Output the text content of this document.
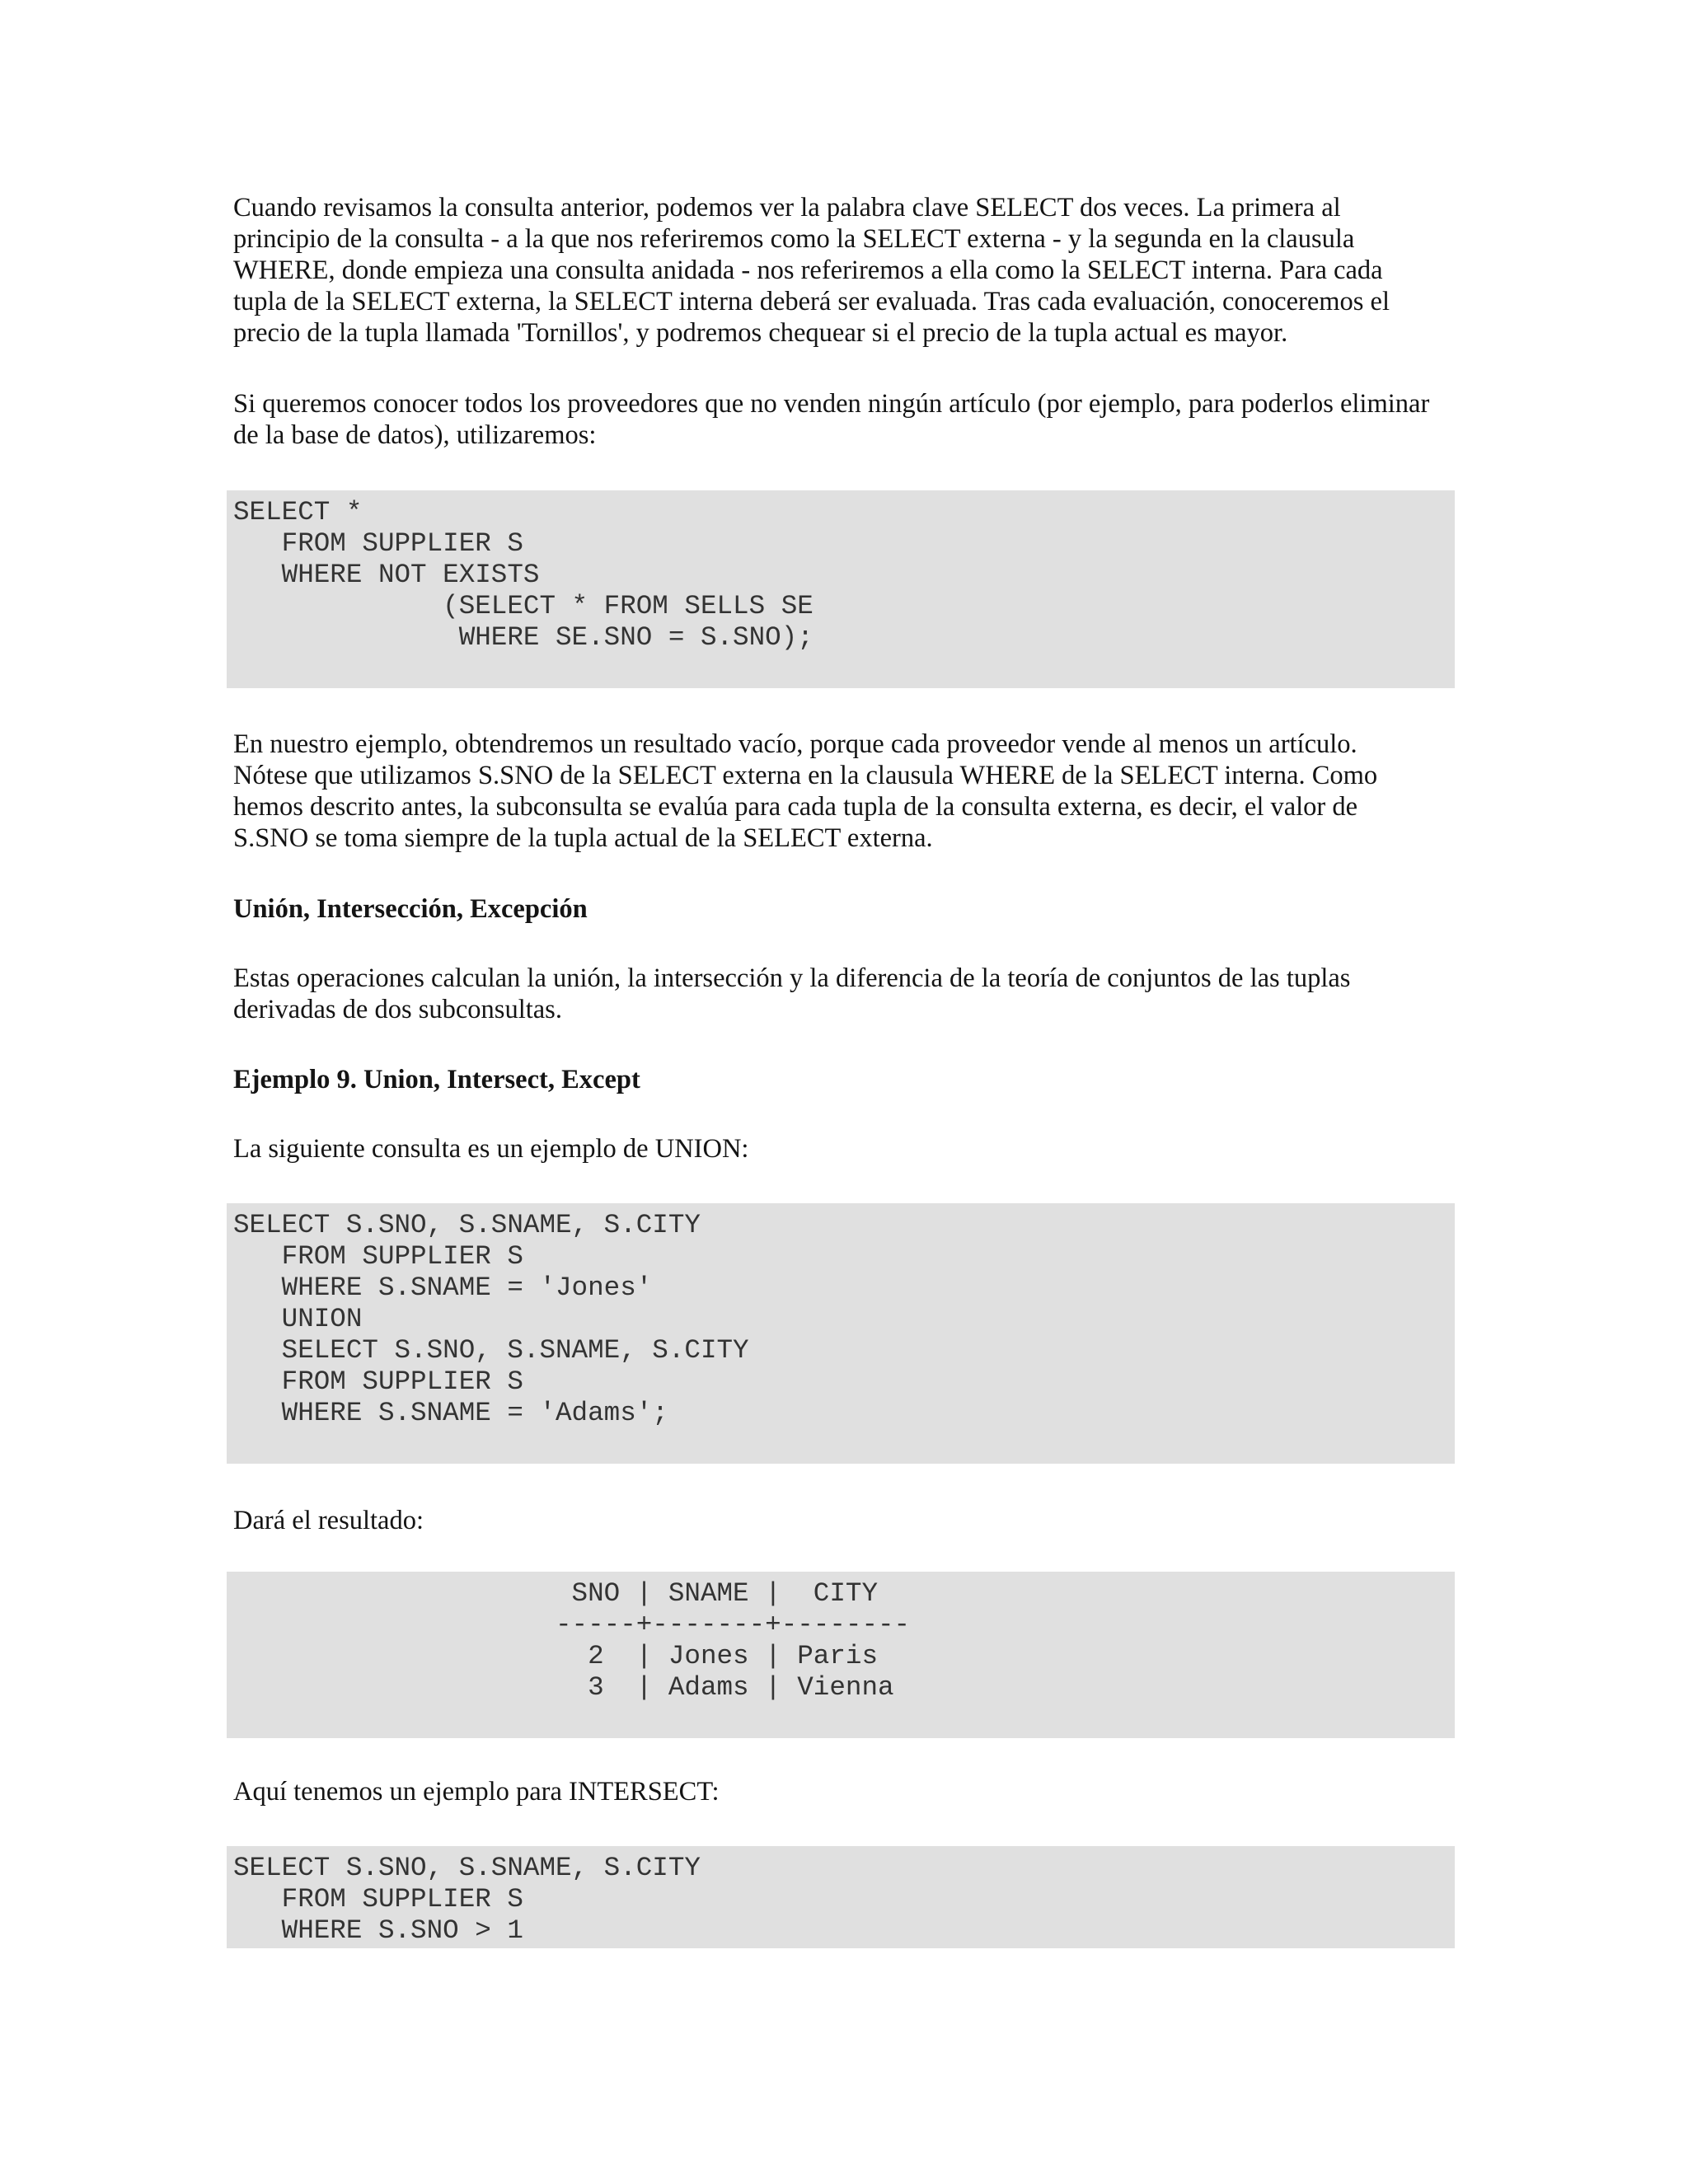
Cuando revisamos la consulta anterior, podemos ver la palabra clave SELECT dos veces. La primera al principio de la consulta - a la que nos referiremos como la SELECT externa - y la segunda en la clausula WHERE, donde empieza una consulta anidada - nos referiremos a ella como la SELECT interna. Para cada tupla de la SELECT externa, la SELECT interna deberá ser evaluada. Tras cada evaluación, conoceremos el precio de la tupla llamada 'Tornillos', y podremos chequear si el precio de la tupla actual es mayor.

Si queremos conocer todos los proveedores que no venden ningún artículo (por ejemplo, para poderlos eliminar de la base de datos), utilizaremos:

SELECT *
FROM SUPPLIER S
WHERE NOT EXISTS
(SELECT * FROM SELLS SE
WHERE SE.SNO = S.SNO);

En nuestro ejemplo, obtendremos un resultado vacío, porque cada proveedor vende al menos un artículo. Nótese que utilizamos S.SNO de la SELECT externa en la clausula WHERE de la SELECT interna. Como hemos descrito antes, la subconsulta se evalúa para cada tupla de la consulta externa, es decir, el valor de S.SNO se toma siempre de la tupla actual de la SELECT externa.

Unión, Intersección, Excepción

Estas operaciones calculan la unión, la intersección y la diferencia de la teoría de conjuntos de las tuplas derivadas de dos subconsultas.

Ejemplo 9. Union, Intersect, Except

La siguiente consulta es un ejemplo de UNION:

SELECT S.SNO, S.SNAME, S.CITY
FROM SUPPLIER S
WHERE S.SNAME = 'Jones'
UNION
SELECT S.SNO, S.SNAME, S.CITY
FROM SUPPLIER S
WHERE S.SNAME = 'Adams';

Dará el resultado:

SNO | SNAME |  CITY
-----+-------+--------
2  | Jones | Paris
3  | Adams | Vienna

Aquí tenemos un ejemplo para INTERSECT:

SELECT S.SNO, S.SNAME, S.CITY
FROM SUPPLIER S
WHERE S.SNO > 1
